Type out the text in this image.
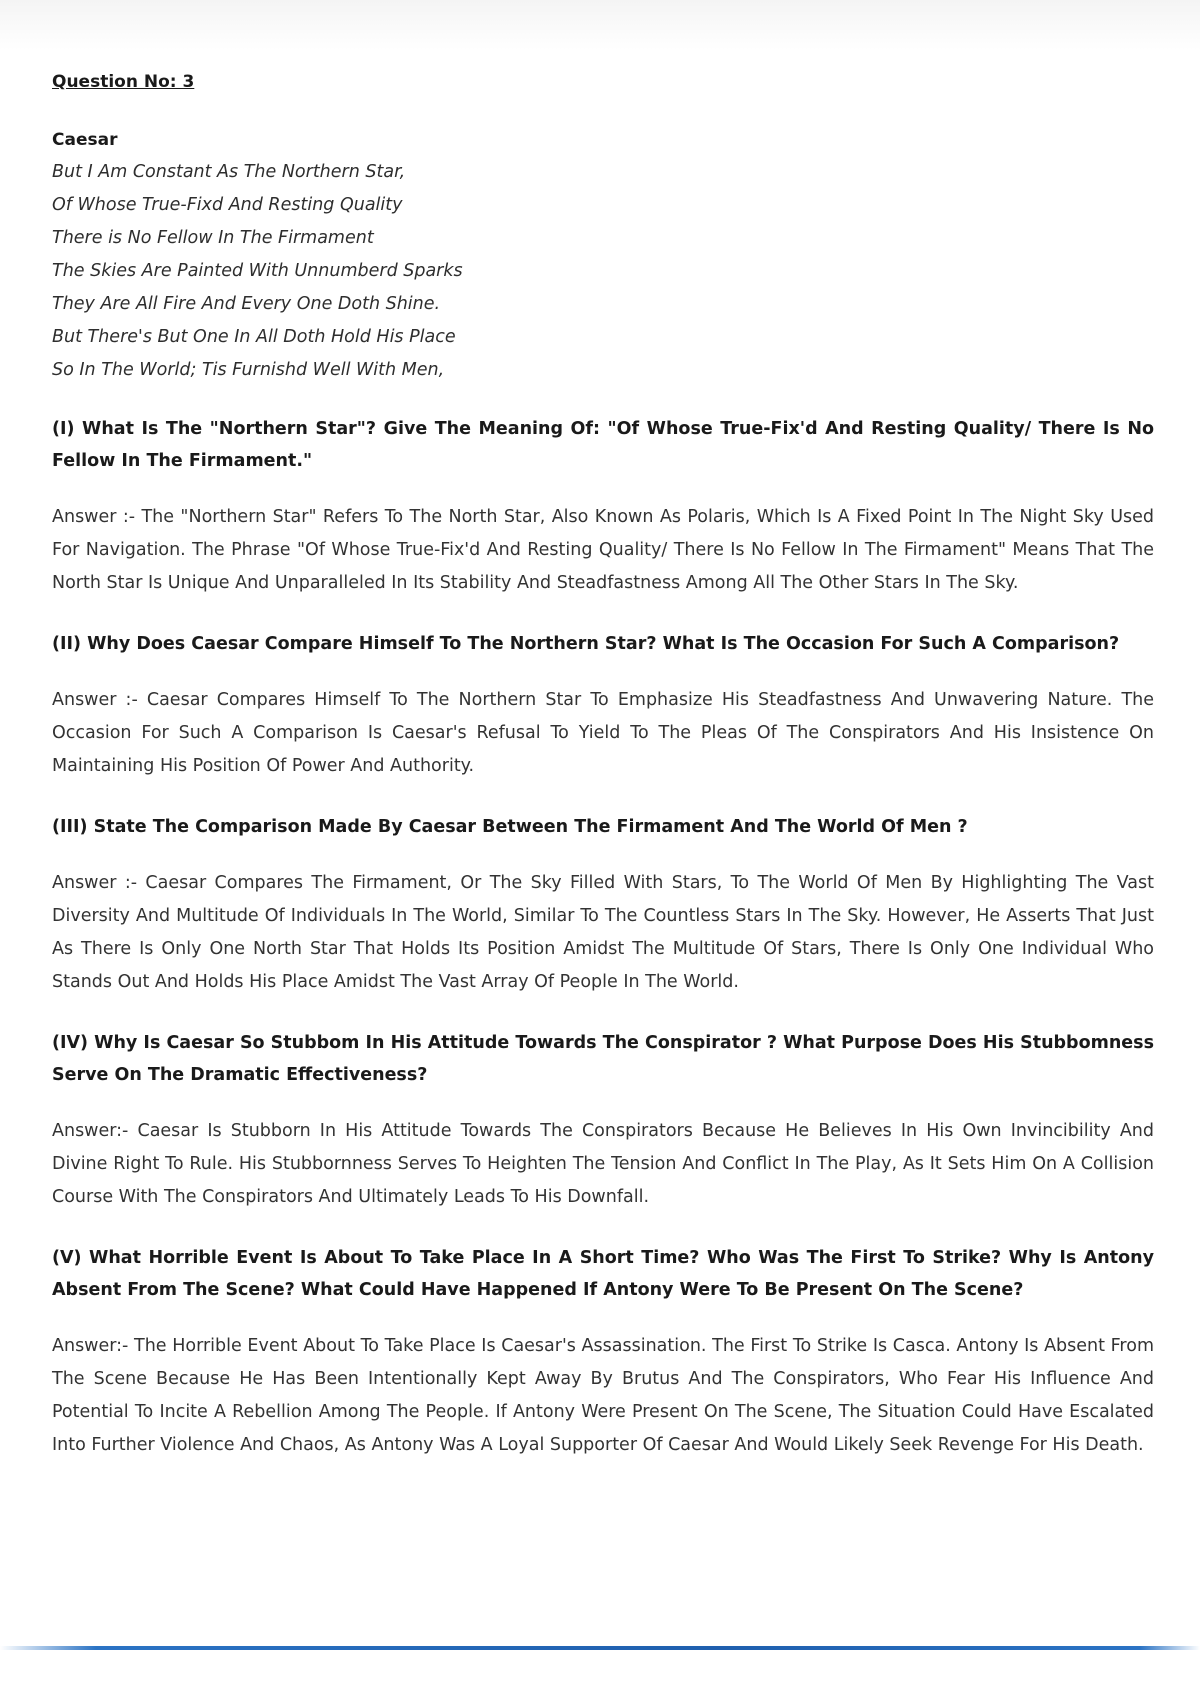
Question No: 3
Caesar
But I Am Constant As The Northern Star,
Of Whose True-Fixd And Resting Quality
There is No Fellow In The Firmament
The Skies Are Painted With Unnumberd Sparks
They Are All Fire And Every One Doth Shine.
But There's But One In All Doth Hold His Place
So In The World; Tis Furnishd Well With Men,

(I) What Is The "Northern Star"? Give The Meaning Of: "Of Whose True-Fix'd And Resting Quality/ There Is No Fellow In The Firmament."

Answer :- The "Northern Star" Refers To The North Star, Also Known As Polaris, Which Is A Fixed Point In The Night Sky Used For Navigation. The Phrase "Of Whose True-Fix'd And Resting Quality/ There Is No Fellow In The Firmament" Means That The North Star Is Unique And Unparalleled In Its Stability And Steadfastness Among All The Other Stars In The Sky.

(II) Why Does Caesar Compare Himself To The Northern Star? What Is The Occasion For Such A Comparison?

Answer :- Caesar Compares Himself To The Northern Star To Emphasize His Steadfastness And Unwavering Nature. The Occasion For Such A Comparison Is Caesar's Refusal To Yield To The Pleas Of The Conspirators And His Insistence On Maintaining His Position Of Power And Authority.

(III) State The Comparison Made By Caesar Between The Firmament And The World Of Men ?

Answer :- Caesar Compares The Firmament, Or The Sky Filled With Stars, To The World Of Men By Highlighting The Vast Diversity And Multitude Of Individuals In The World, Similar To The Countless Stars In The Sky. However, He Asserts That Just As There Is Only One North Star That Holds Its Position Amidst The Multitude Of Stars, There Is Only One Individual Who Stands Out And Holds His Place Amidst The Vast Array Of People In The World.

(IV) Why Is Caesar So Stubbom In His Attitude Towards The Conspirator ? What Purpose Does His Stubbomness Serve On The Dramatic Effectiveness?

Answer:- Caesar Is Stubborn In His Attitude Towards The Conspirators Because He Believes In His Own Invincibility And Divine Right To Rule. His Stubbornness Serves To Heighten The Tension And Conflict In The Play, As It Sets Him On A Collision Course With The Conspirators And Ultimately Leads To His Downfall.

(V) What Horrible Event Is About To Take Place In A Short Time? Who Was The First To Strike? Why Is Antony Absent From The Scene? What Could Have Happened If Antony Were To Be Present On The Scene?

Answer:- The Horrible Event About To Take Place Is Caesar's Assassination. The First To Strike Is Casca. Antony Is Absent From The Scene Because He Has Been Intentionally Kept Away By Brutus And The Conspirators, Who Fear His Influence And Potential To Incite A Rebellion Among The People. If Antony Were Present On The Scene, The Situation Could Have Escalated Into Further Violence And Chaos, As Antony Was A Loyal Supporter Of Caesar And Would Likely Seek Revenge For His Death.
